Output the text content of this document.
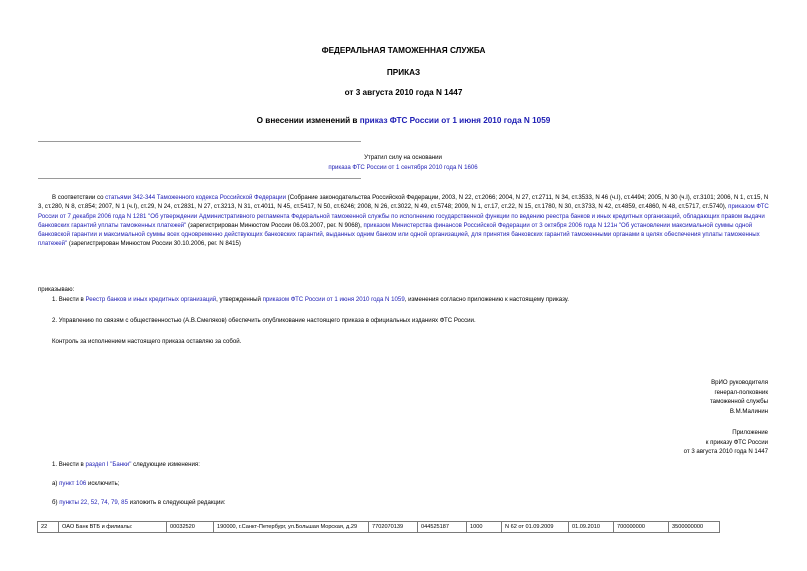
ФЕДЕРАЛЬНАЯ ТАМОЖЕННАЯ СЛУЖБА
ПРИКАЗ
от 3 августа 2010 года N 1447
О внесении изменений в приказ ФТС России от 1 июня 2010 года N 1059
Утратил силу на основании
приказа ФТС России от 1 сентября 2010 года N 1606
В соответствии со статьями 342-344 Таможенного кодекса Российской Федерации (Собрание законодательства Российской Федерации, 2003, N 22, ст.2066; 2004, N 27, ст.2711, N 34, ст.3533, N 46 (ч.I), ст.4494; 2005, N 30 (ч.I), ст.3101; 2006, N 1, ст.15, N 3, ст.280, N 8, ст.854; 2007, N 1 (ч.I), ст.29, N 24, ст.2831, N 27, ст.3213, N 31, ст.4011, N 45, ст.5417, N 50, ст.6246; 2008, N 26, ст.3022, N 49, ст.5748; 2009, N 1, ст.17, ст.22, N 15, ст.1780, N 30, ст.3733, N 42, ст.4859, ст.4860, N 48, ст.5717, ст.5740), приказом ФТС России от 7 декабря 2006 года N 1281 "Об утверждении Административного регламента Федеральной таможенной службы по исполнению государственной функции по ведению реестра банков и иных кредитных организаций, обладающих правом выдачи банковских гарантий уплаты таможенных платежей" (зарегистрирован Минюстом России 06.03.2007, рег. N 9068), приказом Министерства финансов Российской Федерации от 3 октября 2006 года N 121н "Об установлении максимальной суммы одной банковской гарантии и максимальной суммы всех одновременно действующих банковских гарантий, выданных одним банком или одной организацией, для принятия банковских гарантий таможенными органами в целях обеспечения уплаты таможенных платежей" (зарегистрирован Минюстом России 30.10.2006, рег. N 8415)
приказываю:
1. Внести в Реестр банков и иных кредитных организаций, утвержденный приказом ФТС России от 1 июня 2010 года N 1059, изменения согласно приложению к настоящему приказу.
2. Управлению по связям с общественностью (А.В.Смеляков) обеспечить опубликование настоящего приказа в официальных изданиях ФТС России.
Контроль за исполнением настоящего приказа оставляю за собой.
ВрИО руководителя
генерал-полковник
таможенной службы
В.М.Малинин
Приложение
к приказу ФТС России
от 3 августа 2010 года N 1447
1. Внести в раздел I "Банки" следующие изменения:
а) пункт 106 исключить;
б) пункты 22, 52, 74, 79, 85 изложить в следующей редакции:
22	ОАО Банк ВТБ и филиалы:	00032520	190000, г.Санкт-Петербург, ул.Большая Морская, д.29	7702070139	044525187	1000	N 62 от 01.09.2009	01.09.2010	700000000	3500000000
